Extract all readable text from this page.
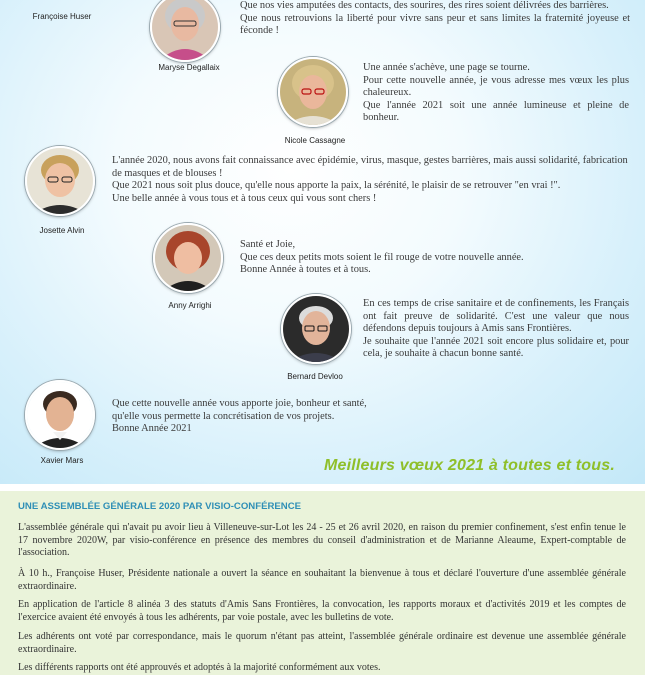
Françoise Huser
Maryse Degallaix

Que nos vies amputées des contacts, des sourires, des rires soient délivrées des barrières.

Que nous retrouvions la liberté pour vivre sans peur et sans limites la fraternité joyeuse et féconde !

Nicole Cassagne

Une année s'achève, une page se tourne.

Pour cette nouvelle année, je vous adresse mes vœux les plus chaleureux.

Que l'année 2021 soit une année lumineuse et pleine de bonheur.

Josette Alvin

L'année 2020, nous avons fait connaissance avec épidémie, virus, masque, gestes barrières, mais aussi solidarité, fabrication de masques et de blouses !

Que 2021 nous soit plus douce, qu'elle nous apporte la paix, la sérénité, le plaisir de se retrouver "en vrai !".

Une belle année à vous tous et à tous ceux qui vous sont chers !

Anny Arrighi

Santé et Joie,

Que ces deux petits mots soient le fil rouge de votre nouvelle année.

Bonne Année à toutes et à tous.

Bernard Devloo

En ces temps de crise sanitaire et de confinements, les Français ont fait preuve de solidarité. C'est une valeur que nous défendons depuis toujours à Amis sans Frontières.

Je souhaite que l'année 2021 soit encore plus solidaire et, pour cela, je souhaite à chacun bonne santé.

Xavier Mars

Que cette nouvelle année vous apporte joie, bonheur et santé,

qu'elle vous permette la concrétisation de vos projets.

Bonne Année 2021

Meilleurs vœux 2021 à toutes et tous.
UNE ASSEMBLÉE GÉNÉRALE 2020 PAR VISIO-CONFÉRENCE

L'assemblée générale qui n'avait pu avoir lieu à Villeneuve-sur-Lot les 24 - 25 et 26 avril 2020, en raison du premier confinement, s'est enfin tenue le 17 novembre 2020W, par visio-conférence en présence des membres du conseil d'administration et de Marianne Aleaume, Expert-comptable de l'association.

À 10 h., Françoise Huser, Présidente nationale a ouvert la séance en souhaitant la bienvenue à tous et déclaré l'ouverture d'une assemblée générale extraordinaire.

En application de l'article 8 alinéa 3 des statuts d'Amis Sans Frontières, la convocation, les rapports moraux et d'activités 2019 et les comptes de l'exercice avaient été envoyés à tous les adhérents, par voie postale, avec les bulletins de vote.

Les adhérents ont voté par correspondance, mais le quorum n'étant pas atteint, l'assemblée générale ordinaire est devenue une assemblée générale extraordinaire.

Les différents rapports ont été approuvés et adoptés à la majorité conformément aux votes.
